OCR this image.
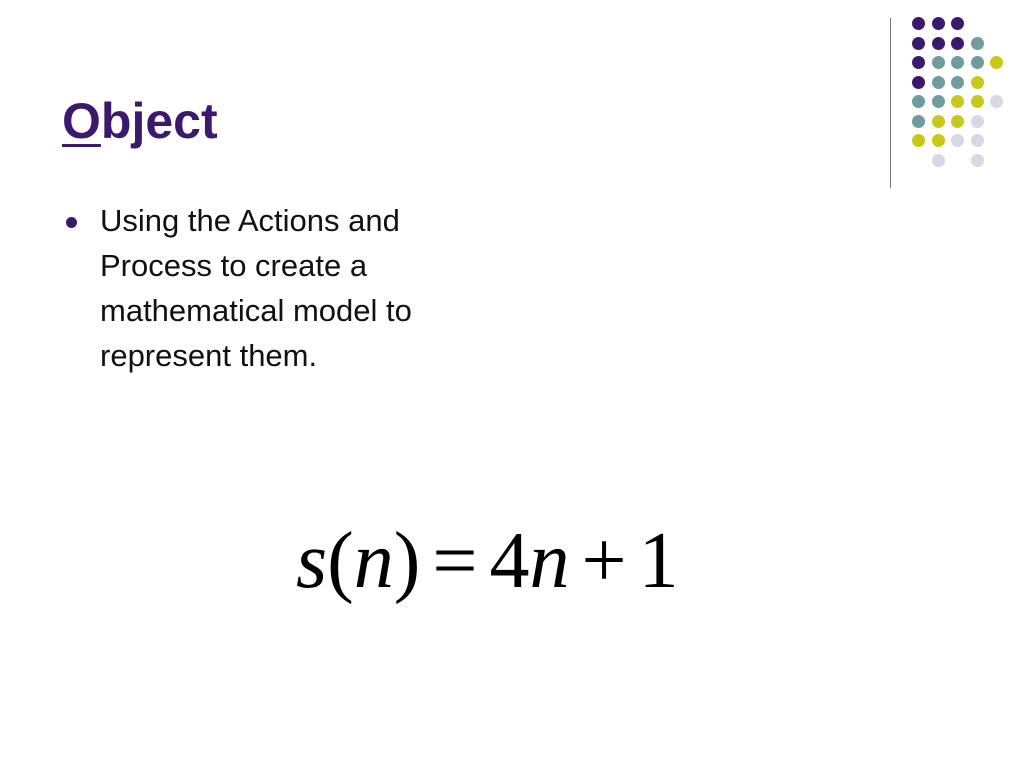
Object
Using the Actions and Process to create a mathematical model to represent them.
s(n) = 4n + 1
